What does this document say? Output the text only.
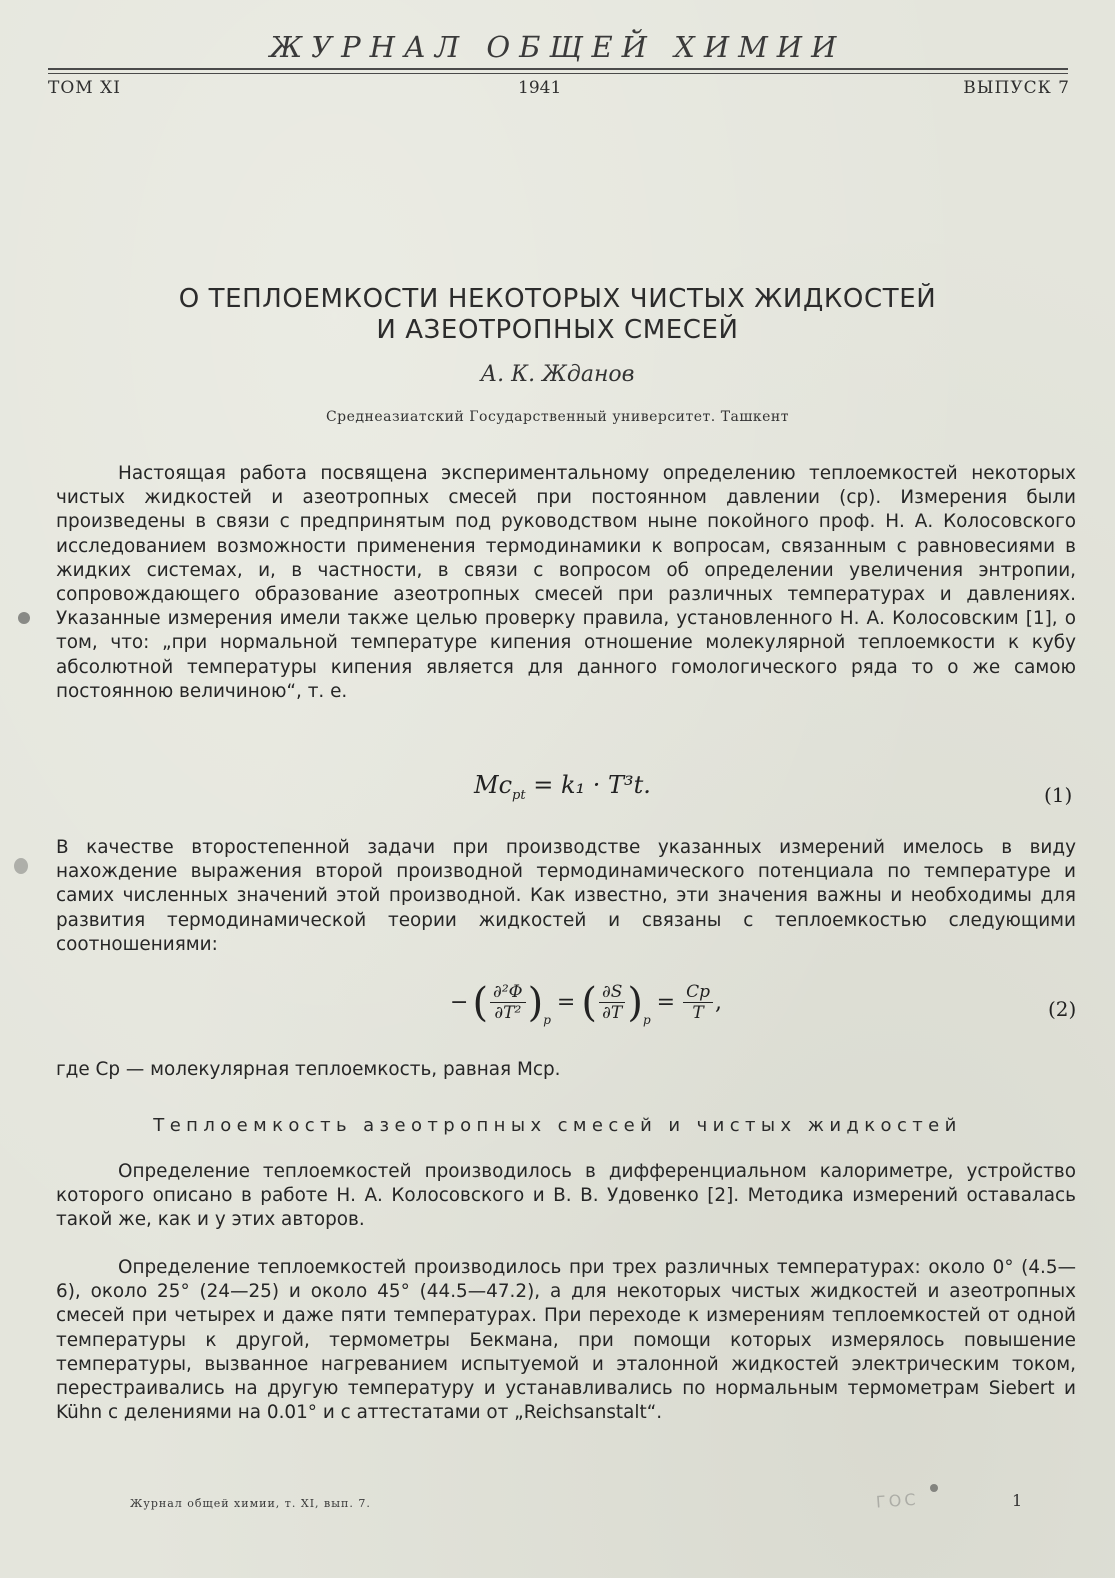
ЖУРНАЛ ОБЩЕЙ ХИМИИ
ТОМ XI	1941	ВЫПУСК 7
О ТЕПЛОЕМКОСТИ НЕКОТОРЫХ ЧИСТЫХ ЖИДКОСТЕЙ
И АЗЕОТРОПНЫХ СМЕСЕЙ
А. К. Жданов
Среднеазиатский Государственный университет. Ташкент
Настоящая работа посвящена экспериментальному определению теплоемкостей некоторых чистых жидкостей и азеотропных смесей при постоянном давлении (cp). Измерения были произведены в связи с предпринятым под руководством ныне покойного проф. Н. А. Колосовского исследованием возможности применения термодинамики к вопросам, связанным с равновесиями в жидких системах, и, в частности, в связи с вопросом об определении увеличения энтропии, сопровождающего образование азеотропных смесей при различных температурах и давлениях. Указанные измерения имели также целью проверку правила, установленного Н. А. Колосовским [1], о том, что: „при нормальной температуре кипения отношение молекулярной теплоемкости к кубу абсолютной температуры кипения является для данного гомологического ряда то о же самою постоянною величиною“, т. е.
$Mc_{pt} = k_1 \cdot T^3t$.	(1)
В качестве второстепенной задачи при производстве указанных измерений имелось в виду нахождение выражения второй производной термодинамического потенциала по температуре и самих численных значений этой производной. Как известно, эти значения важны и необходимы для развития термодинамической теории жидкостей и связаны с теплоемкостью следующими соотношениями:
− ( $\frac{\text{∂²Φ}}{\text{∂T²}}$ ) p
= ( $\frac{\partial S}{\partial T}$ ) p
= $\frac{Cp}{T}$ ,	(2)
где Cp — молекулярная теплоемкость, равная Mcp.
Теплоемкость азеотропных смесей и чистых жидкостей
Определение теплоемкостей производилось в дифференциальном калориметре, устройство которого описано в работе Н. А. Колосовского и В. В. Удовенко [2]. Методика измерений оставалась такой же, как и у этих авторов.
Определение теплоемкостей производилось при трех различных температурах: около 0° (4.5—6), около 25° (24—25) и около 45° (44.5—47.2), а для некоторых чистых жидкостей и азеотропных смесей при четырех и даже пяти температурах. При переходе к измерениям теплоемкостей от одной температуры к другой, термометры Бекмана, при помощи которых измерялось повышение температуры, вызванное нагреванием испытуемой и эталонной жидкостей электрическим током, перестраивались на другую температуру и устанавливались по нормальным термометрам Siebert и Kühn с делениями на 0.01° и с аттестатами от „Reichsanstalt“.
Журнал общей химии, т. XI, вып. 7.	ГОС	1
